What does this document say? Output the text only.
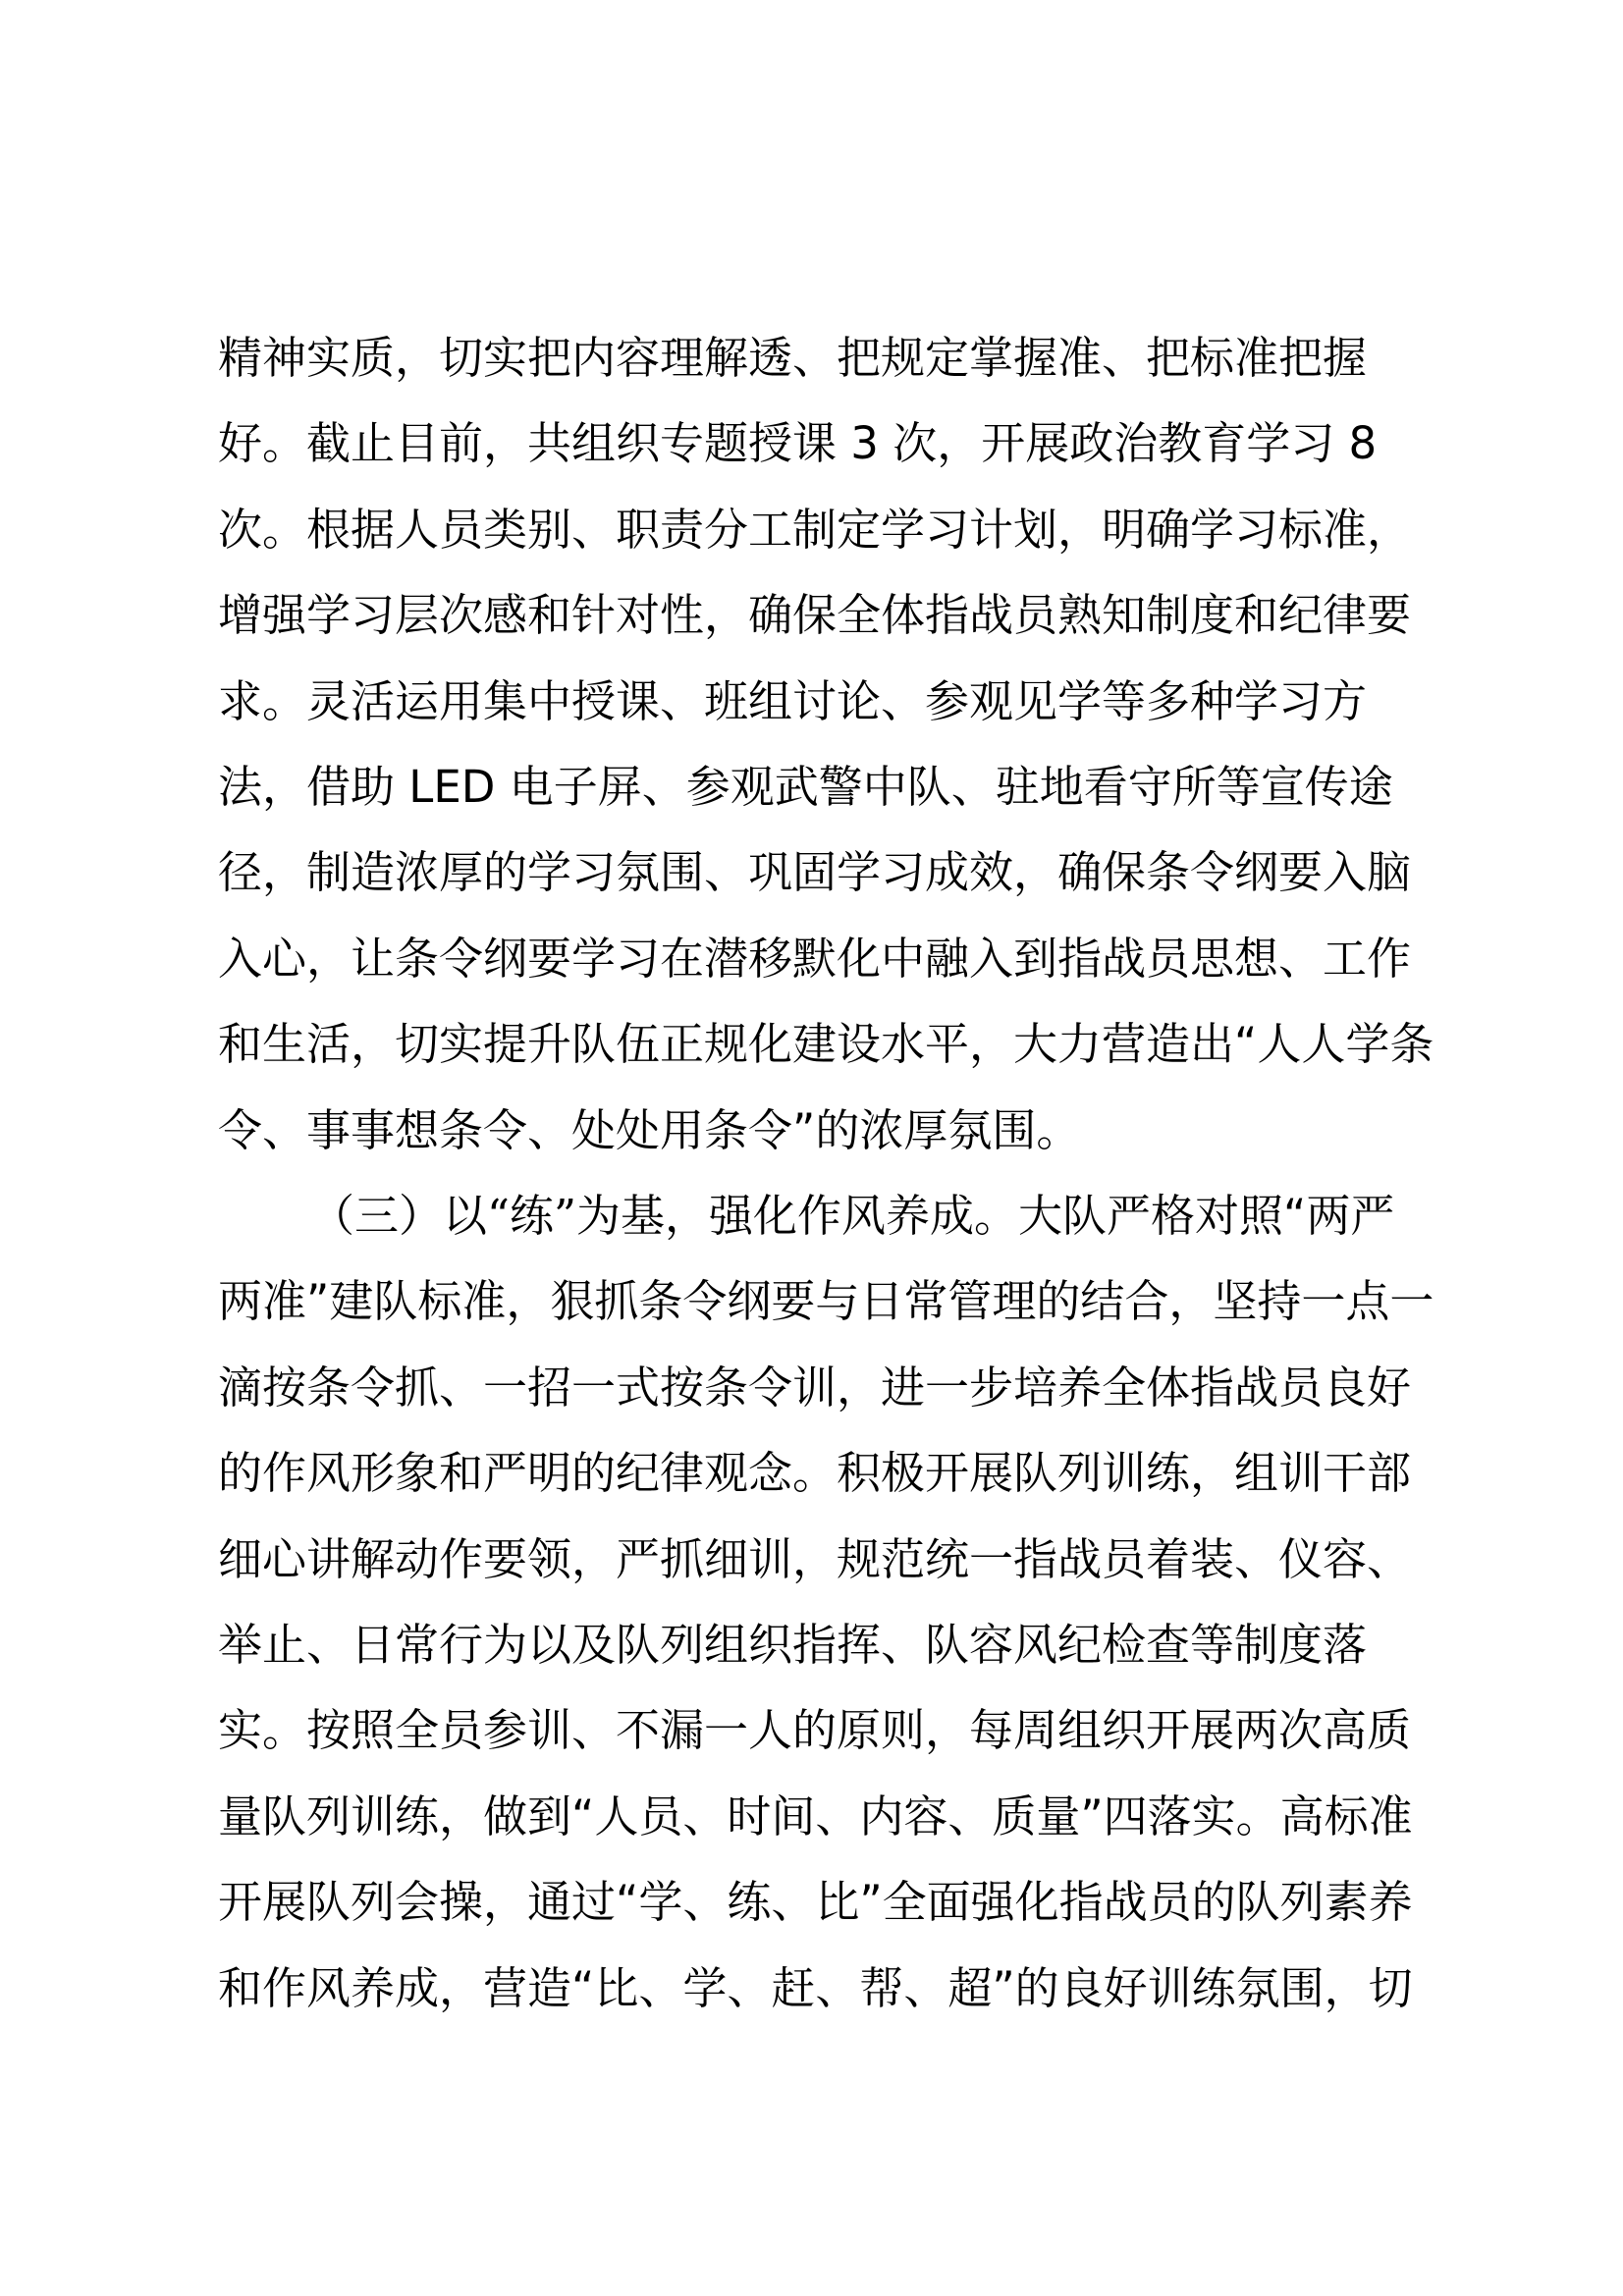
精神实质，切实把内容理解透、把规定掌握准、把标准把握
好。截止目前，共组织专题授课 3 次，开展政治教育学习 8
次。根据人员类别、职责分工制定学习计划，明确学习标准，
增强学习层次感和针对性，确保全体指战员熟知制度和纪律要
求。灵活运用集中授课、班组讨论、参观见学等多种学习方
法，借助 LED 电子屏、参观武警中队、驻地看守所等宣传途
径，制造浓厚的学习氛围、巩固学习成效，确保条令纲要入脑
入心，让条令纲要学习在潜移默化中融入到指战员思想、工作
和生活，切实提升队伍正规化建设水平，大力营造出“人人学条
令、事事想条令、处处用条令”的浓厚氛围。
（三）以“练”为基，强化作风养成。大队严格对照“两严
两准”建队标准，狠抓条令纲要与日常管理的结合，坚持一点一
滴按条令抓、一招一式按条令训，进一步培养全体指战员良好
的作风形象和严明的纪律观念。积极开展队列训练，组训干部
细心讲解动作要领，严抓细训，规范统一指战员着装、仪容、
举止、日常行为以及队列组织指挥、队容风纪检查等制度落
实。按照全员参训、不漏一人的原则，每周组织开展两次高质
量队列训练，做到“人员、时间、内容、质量”四落实。高标准
开展队列会操，通过“学、练、比”全面强化指战员的队列素养
和作风养成，营造“比、学、赶、帮、超”的良好训练氛围，切
